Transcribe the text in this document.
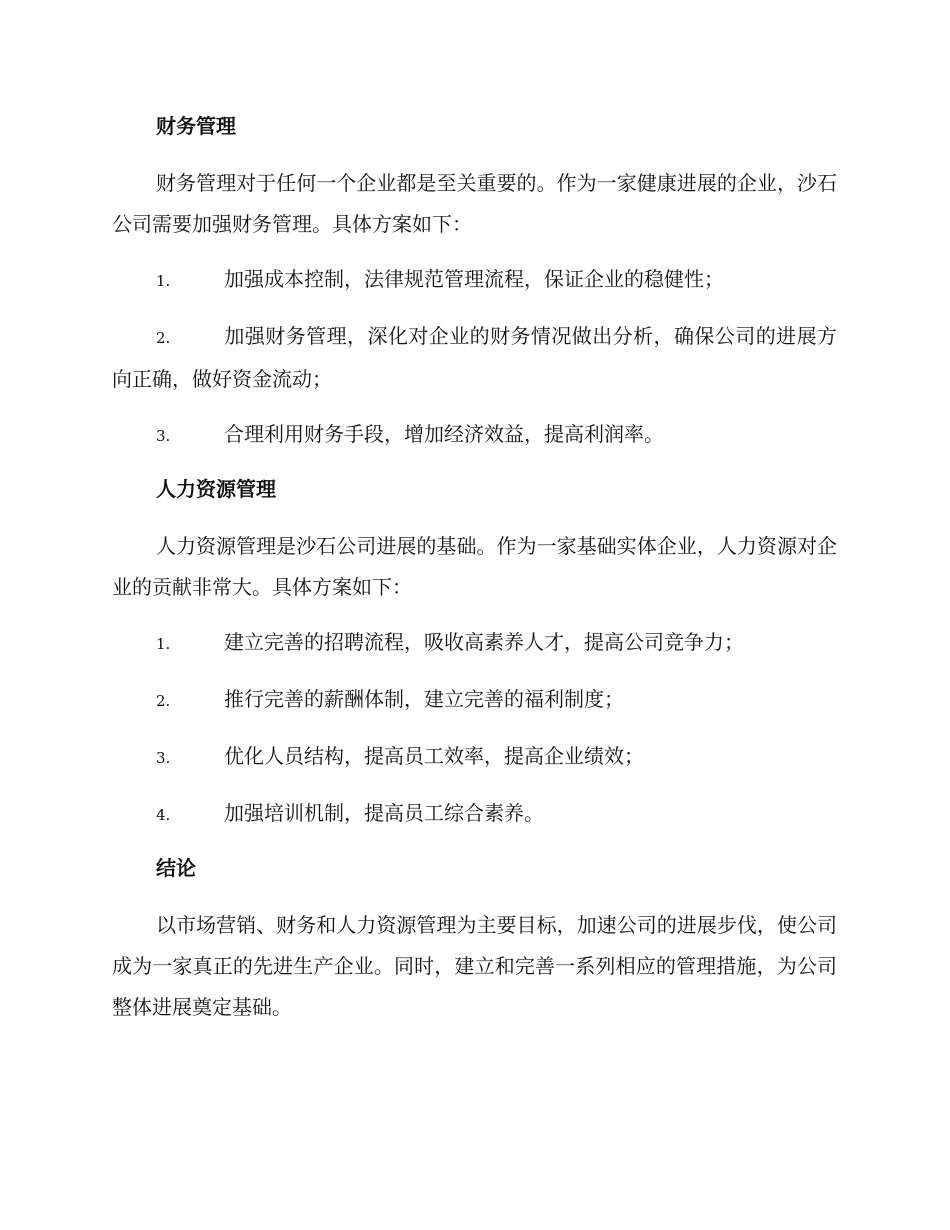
财务管理
财务管理对于任何一个企业都是至关重要的。作为一家健康进展的企业，沙石公司需要加强财务管理。具体方案如下：
1.	加强成本控制，法律规范管理流程，保证企业的稳健性；
2.	加强财务管理，深化对企业的财务情况做出分析，确保公司的进展方向正确，做好资金流动；
3.	合理利用财务手段，增加经济效益，提高利润率。
人力资源管理
人力资源管理是沙石公司进展的基础。作为一家基础实体企业，人力资源对企业的贡献非常大。具体方案如下：
1.	建立完善的招聘流程，吸收高素养人才，提高公司竞争力；
2.	推行完善的薪酬体制，建立完善的福利制度；
3.	优化人员结构，提高员工效率，提高企业绩效；
4.	加强培训机制，提高员工综合素养。
结论
以市场营销、财务和人力资源管理为主要目标，加速公司的进展步伐，使公司成为一家真正的先进生产企业。同时，建立和完善一系列相应的管理措施，为公司整体进展奠定基础。
